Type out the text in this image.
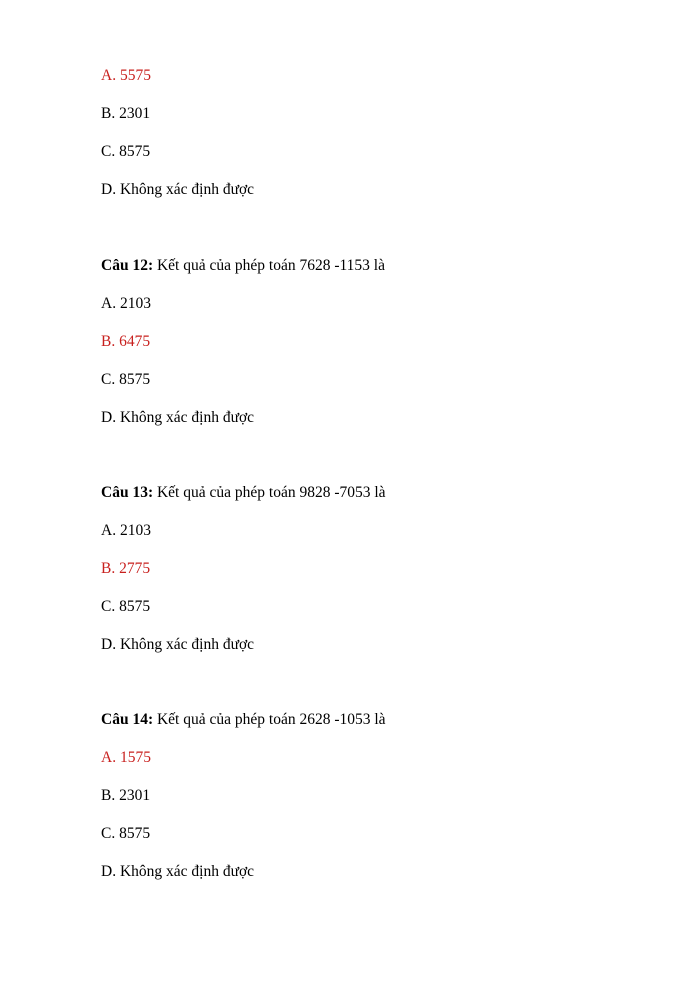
A. 5575
B. 2301
C. 8575
D. Không xác định được
Câu 12: Kết quả của phép toán 7628 -1153 là
A. 2103
B. 6475
C. 8575
D. Không xác định được
Câu 13: Kết quả của phép toán 9828 -7053 là
A. 2103
B. 2775
C. 8575
D. Không xác định được
Câu 14: Kết quả của phép toán 2628 -1053 là
A. 1575
B. 2301
C. 8575
D. Không xác định được
